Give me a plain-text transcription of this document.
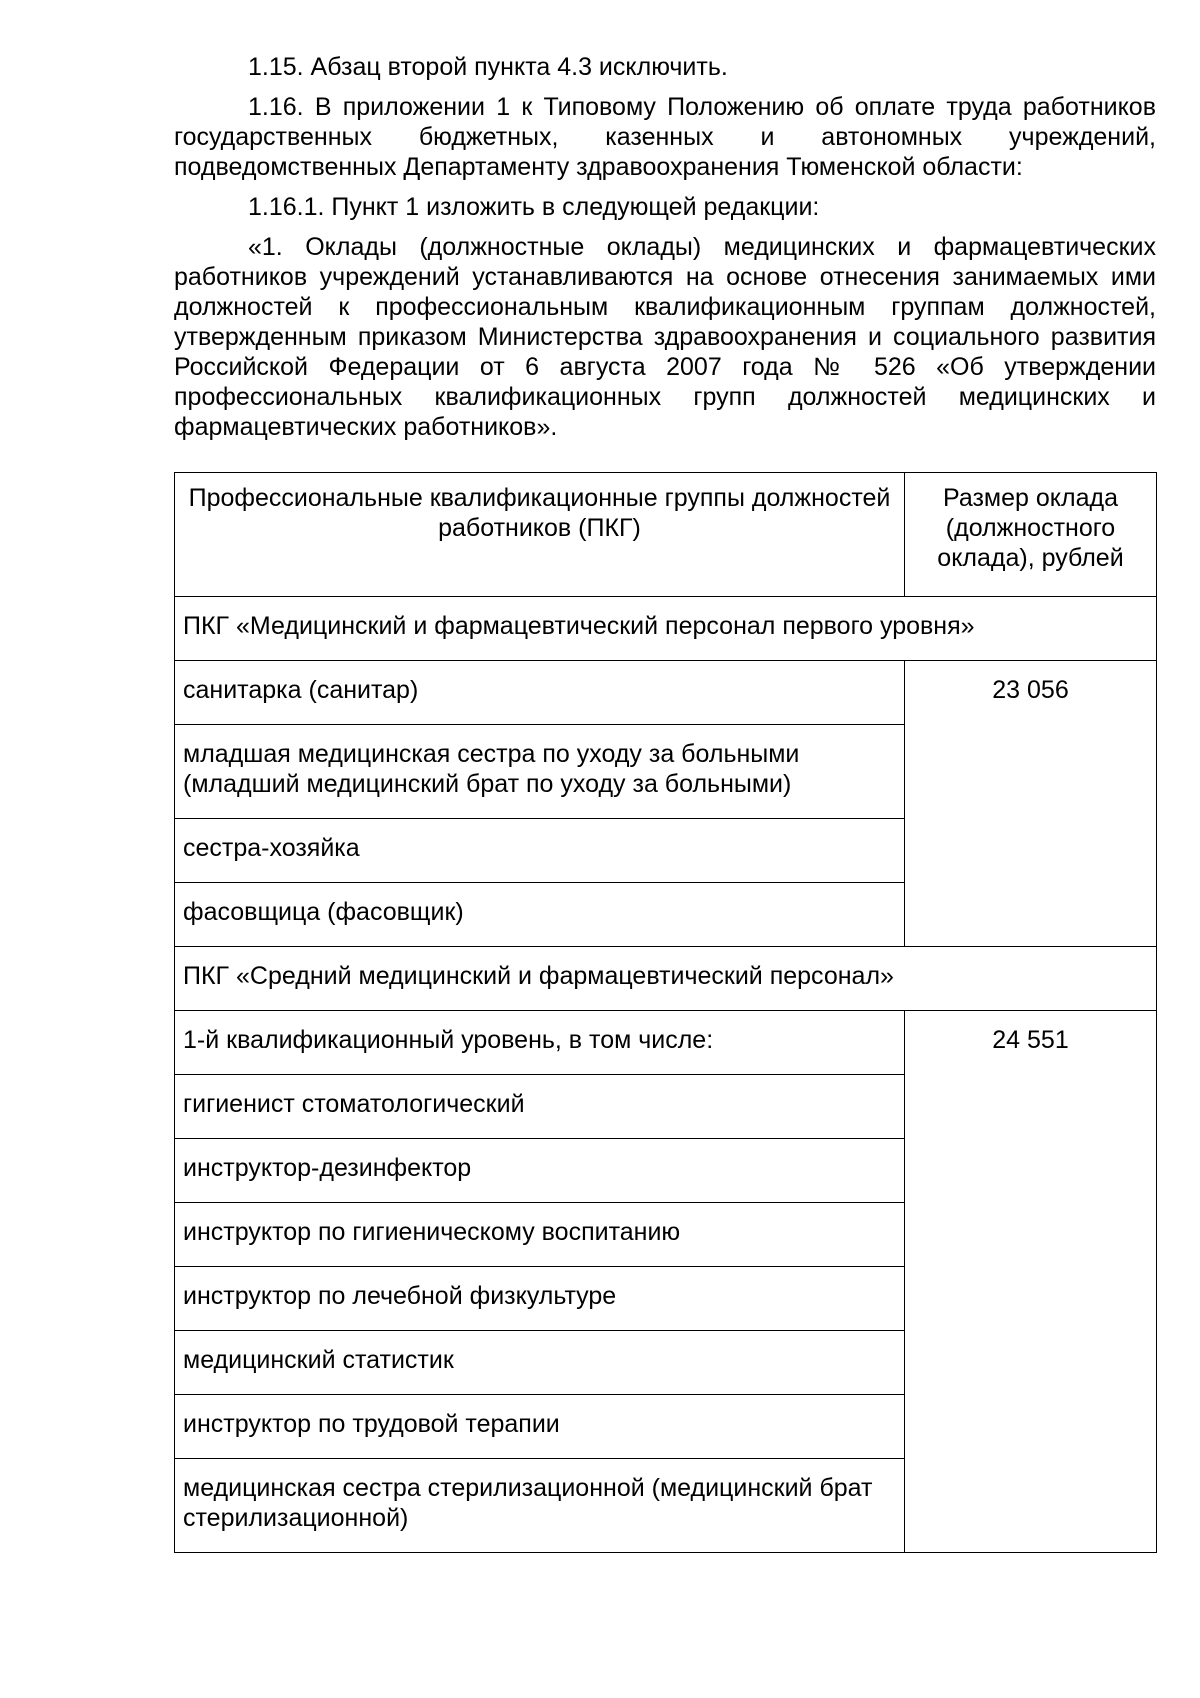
1.15. Абзац второй пункта 4.3 исключить.

1.16. В приложении 1 к Типовому Положению об оплате труда работников государственных бюджетных, казенных и автономных учреждений, подведомственных Департаменту здравоохранения Тюменской области:

1.16.1. Пункт 1 изложить в следующей редакции:

«1. Оклады (должностные оклады) медицинских и фармацевтических работников учреждений устанавливаются на основе отнесения занимаемых ими должностей к профессиональным квалификационным группам должностей, утвержденным приказом Министерства здравоохранения и социального развития Российской Федерации от 6 августа 2007 года № 526 «Об утверждении профессиональных квалификационных групп должностей медицинских и фармацевтических работников».

Профессиональные квалификационные группы должностей работников (ПКГ)	Размер оклада (должностного оклада), рублей
ПКГ «Медицинский и фармацевтический персонал первого уровня»	
санитарка (санитар)	23 056
младшая медицинская сестра по уходу за больными (младший медицинский брат по уходу за больными)	
сестра-хозяйка	
фасовщица (фасовщик)	
ПКГ «Средний медицинский и фармацевтический персонал»	
1-й квалификационный уровень, в том числе:	24 551
гигиенист стоматологический	
инструктор-дезинфектор	
инструктор по гигиеническому воспитанию	
инструктор по лечебной физкультуре	
медицинский статистик	
инструктор по трудовой терапии	
медицинская сестра стерилизационной (медицинский брат стерилизационной)	
